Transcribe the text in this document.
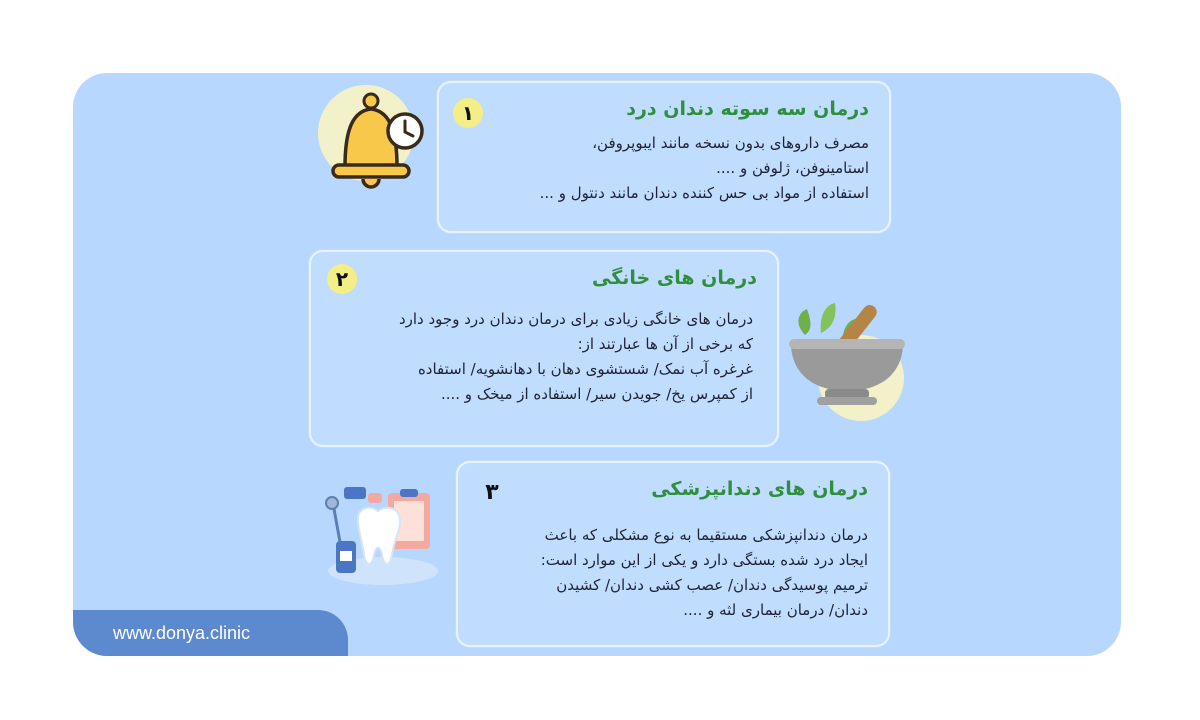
درمان سه سوته دندان درد
۱
مصرف داروهای بدون نسخه مانند ایبوپروفن،
استامینوفن، ژلوفن و ....
استفاده از مواد بی حس کننده دندان مانند دنتول و ...
درمان های خانگی
۲
درمان های خانگی زیادی برای درمان دندان درد وجود دارد
که برخی از آن ها عبارتند از:
غرغره آب نمک/ شستشوی دهان با دهانشویه/ استفاده
از کمپرس یخ/ جویدن سیر/ استفاده از میخک و ....
درمان های دندانپزشکی
۳
درمان دندانپزشکی مستقیما به نوع مشکلی که باعث
ایجاد درد شده بستگی دارد و یکی از این موارد است:
ترمیم پوسیدگی دندان/ عصب کشی دندان/ کشیدن
دندان/ درمان بیماری لثه و ....
www.donya.clinic
